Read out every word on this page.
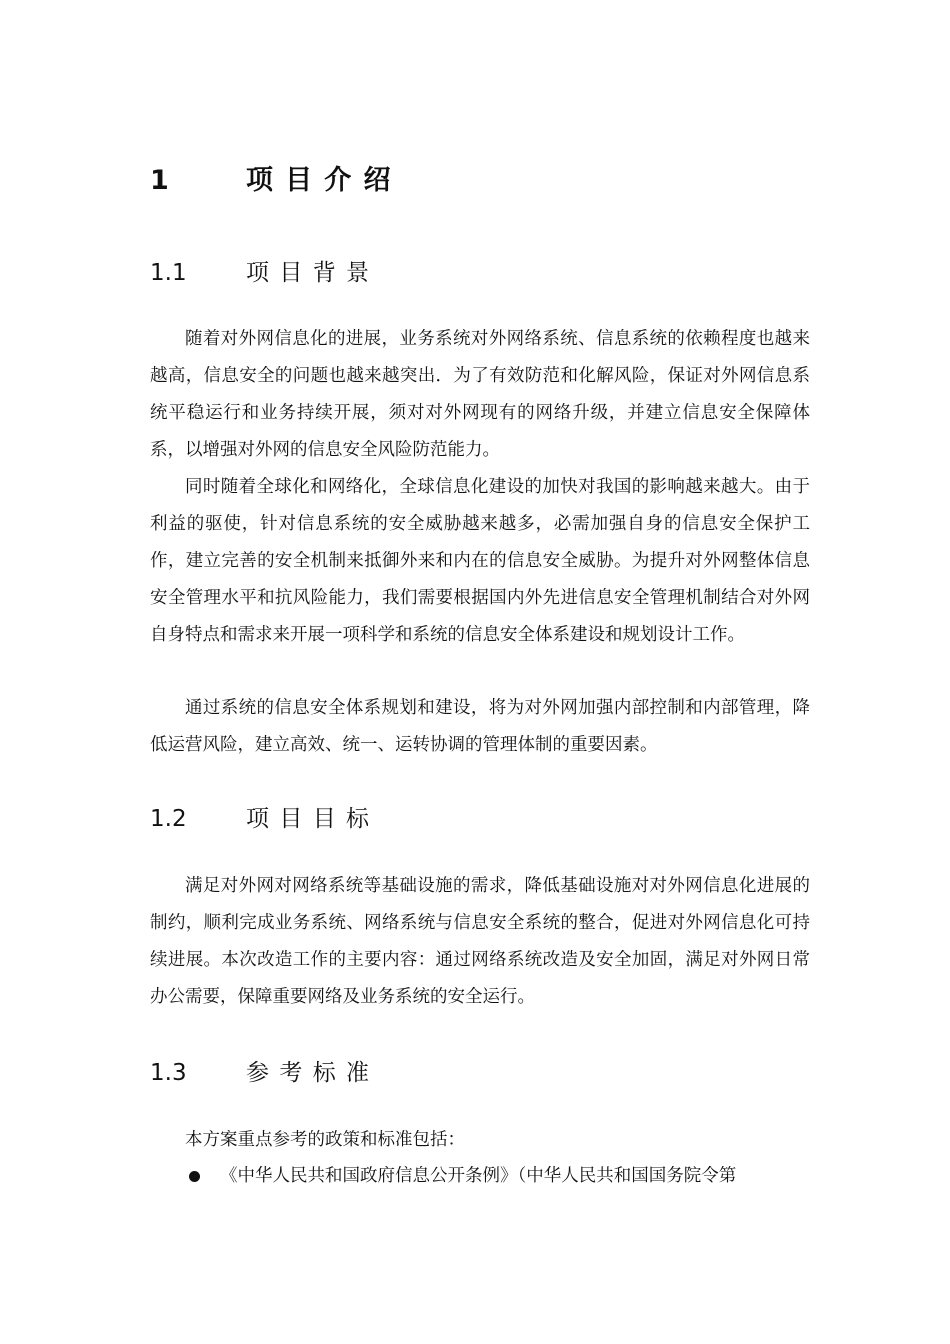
1	项目介绍
1.1	项目背景

随着对外网信息化的进展，业务系统对外网络系统、信息系统的依赖程度也越来越高，信息安全的问题也越来越突出．为了有效防范和化解风险，保证对外网信息系统平稳运行和业务持续开展，须对对外网现有的网络升级，并建立信息安全保障体系，以增强对外网的信息安全风险防范能力。

同时随着全球化和网络化，全球信息化建设的加快对我国的影响越来越大。由于利益的驱使，针对信息系统的安全威胁越来越多，必需加强自身的信息安全保护工作，建立完善的安全机制来抵御外来和内在的信息安全威胁。为提升对外网整体信息安全管理水平和抗风险能力，我们需要根据国内外先进信息安全管理机制结合对外网自身特点和需求来开展一项科学和系统的信息安全体系建设和规划设计工作。

通过系统的信息安全体系规划和建设，将为对外网加强内部控制和内部管理，降低运营风险，建立高效、统一、运转协调的管理体制的重要因素。

1.2	项目目标

满足对外网对网络系统等基础设施的需求，降低基础设施对对外网信息化进展的制约，顺利完成业务系统、网络系统与信息安全系统的整合，促进对外网信息化可持续进展。本次改造工作的主要内容：通过网络系统改造及安全加固，满足对外网日常办公需要，保障重要网络及业务系统的安全运行。

1.3	参考标准

本方案重点参考的政策和标准包括：

《中华人民共和国政府信息公开条例》（中华人民共和国国务院令第
